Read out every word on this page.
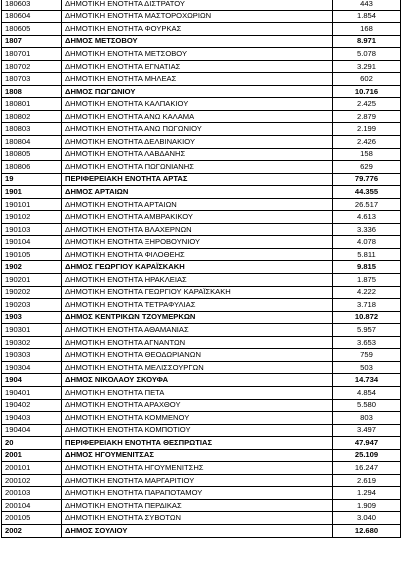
180603	ΔΗΜΟΤΙΚΗ ΕΝΟΤΗΤΑ ΔΙΣΤΡΑΤΟΥ	443
180604	ΔΗΜΟΤΙΚΗ ΕΝΟΤΗΤΑ ΜΑΣΤΟΡΟΧΩΡΙΩΝ	1.854
180605	ΔΗΜΟΤΙΚΗ ΕΝΟΤΗΤΑ ΦΟΥΡΚΑΣ	168
1807	ΔΗΜΟΣ ΜΕΤΣΟΒΟΥ	8.971
180701	ΔΗΜΟΤΙΚΗ ΕΝΟΤΗΤΑ ΜΕΤΣΟΒΟΥ	5.078
180702	ΔΗΜΟΤΙΚΗ ΕΝΟΤΗΤΑ ΕΓΝΑΤΙΑΣ	3.291
180703	ΔΗΜΟΤΙΚΗ ΕΝΟΤΗΤΑ ΜΗΛΕΑΣ	602
1808	ΔΗΜΟΣ ΠΩΓΩΝΙΟΥ	10.716
180801	ΔΗΜΟΤΙΚΗ ΕΝΟΤΗΤΑ ΚΑΛΠΑΚΙΟΥ	2.425
180802	ΔΗΜΟΤΙΚΗ ΕΝΟΤΗΤΑ ΑΝΩ ΚΑΛΑΜΑ	2.879
180803	ΔΗΜΟΤΙΚΗ ΕΝΟΤΗΤΑ ΑΝΩ ΠΩΓΩΝΙΟΥ	2.199
180804	ΔΗΜΟΤΙΚΗ ΕΝΟΤΗΤΑ ΔΕΛΒΙΝΑΚΙΟΥ	2.426
180805	ΔΗΜΟΤΙΚΗ ΕΝΟΤΗΤΑ ΛΑΒΔΑΝΗΣ	158
180806	ΔΗΜΟΤΙΚΗ ΕΝΟΤΗΤΑ ΠΩΓΩΝΙΑΝΗΣ	629
19	ΠΕΡΙΦΕΡΕΙΑΚΗ ΕΝΟΤΗΤΑ ΑΡΤΑΣ	79.776
1901	ΔΗΜΟΣ ΑΡΤΑΙΩΝ	44.355
190101	ΔΗΜΟΤΙΚΗ ΕΝΟΤΗΤΑ ΑΡΤΑΙΩΝ	26.517
190102	ΔΗΜΟΤΙΚΗ ΕΝΟΤΗΤΑ ΑΜΒΡΑΚΙΚΟΥ	4.613
190103	ΔΗΜΟΤΙΚΗ ΕΝΟΤΗΤΑ ΒΛΑΧΕΡΝΩΝ	3.336
190104	ΔΗΜΟΤΙΚΗ ΕΝΟΤΗΤΑ ΞΗΡΟΒΟΥΝΙΟΥ	4.078
190105	ΔΗΜΟΤΙΚΗ ΕΝΟΤΗΤΑ ΦΙΛΟΘΕΗΣ	5.811
1902	ΔΗΜΟΣ ΓΕΩΡΓΙΟΥ ΚΑΡΑΪΣΚΑΚΗ	9.815
190201	ΔΗΜΟΤΙΚΗ ΕΝΟΤΗΤΑ ΗΡΑΚΛΕΙΑΣ	1.875
190202	ΔΗΜΟΤΙΚΗ ΕΝΟΤΗΤΑ ΓΕΩΡΓΙΟΥ ΚΑΡΑΪΣΚΑΚΗ	4.222
190203	ΔΗΜΟΤΙΚΗ ΕΝΟΤΗΤΑ ΤΕΤΡΑΦΥΛΙΑΣ	3.718
1903	ΔΗΜΟΣ ΚΕΝΤΡΙΚΩΝ ΤΖΟΥΜΕΡΚΩΝ	10.872
190301	ΔΗΜΟΤΙΚΗ ΕΝΟΤΗΤΑ ΑΘΑΜΑΝΙΑΣ	5.957
190302	ΔΗΜΟΤΙΚΗ ΕΝΟΤΗΤΑ ΑΓΝΑΝΤΩΝ	3.653
190303	ΔΗΜΟΤΙΚΗ ΕΝΟΤΗΤΑ ΘΕΟΔΩΡΙΑΝΩΝ	759
190304	ΔΗΜΟΤΙΚΗ ΕΝΟΤΗΤΑ ΜΕΛΙΣΣΟΥΡΓΩΝ	503
1904	ΔΗΜΟΣ ΝΙΚΟΛΑΟΥ ΣΚΟΥΦΑ	14.734
190401	ΔΗΜΟΤΙΚΗ ΕΝΟΤΗΤΑ ΠΕΤΑ	4.854
190402	ΔΗΜΟΤΙΚΗ ΕΝΟΤΗΤΑ ΑΡΑΧΘΟΥ	5.580
190403	ΔΗΜΟΤΙΚΗ ΕΝΟΤΗΤΑ ΚΟΜΜΕΝΟΥ	803
190404	ΔΗΜΟΤΙΚΗ ΕΝΟΤΗΤΑ ΚΟΜΠΟΤΙΟΥ	3.497
20	ΠΕΡΙΦΕΡΕΙΑΚΗ ΕΝΟΤΗΤΑ ΘΕΣΠΡΩΤΙΑΣ	47.947
2001	ΔΗΜΟΣ ΗΓΟΥΜΕΝΙΤΣΑΣ	25.109
200101	ΔΗΜΟΤΙΚΗ ΕΝΟΤΗΤΑ ΗΓΟΥΜΕΝΙΤΣΗΣ	16.247
200102	ΔΗΜΟΤΙΚΗ ΕΝΟΤΗΤΑ ΜΑΡΓΑΡΙΤΙΟΥ	2.619
200103	ΔΗΜΟΤΙΚΗ ΕΝΟΤΗΤΑ ΠΑΡΑΠΟΤΑΜΟΥ	1.294
200104	ΔΗΜΟΤΙΚΗ ΕΝΟΤΗΤΑ ΠΕΡΔΙΚΑΣ	1.909
200105	ΔΗΜΟΤΙΚΗ ΕΝΟΤΗΤΑ ΣΥΒΟΤΩΝ	3.040
2002	ΔΗΜΟΣ ΣΟΥΛΙΟΥ	12.680
